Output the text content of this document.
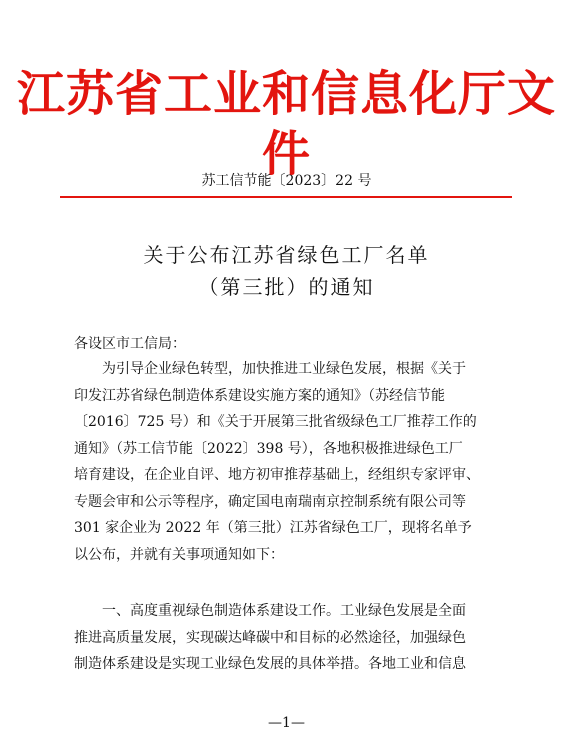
江苏省工业和信息化厅文件
苏工信节能〔2023〕22 号
关于公布江苏省绿色工厂名单
（第三批）的通知
各设区市工信局：
为引导企业绿色转型，加快推进工业绿色发展，根据《关于
印发江苏省绿色制造体系建设实施方案的通知》（苏经信节能
〔2016〕725 号）和《关于开展第三批省级绿色工厂推荐工作的
通知》（苏工信节能〔2022〕398 号），各地积极推进绿色工厂
培育建设，在企业自评、地方初审推荐基础上，经组织专家评审、
专题会审和公示等程序，确定国电南瑞南京控制系统有限公司等
301 家企业为 2022 年（第三批）江苏省绿色工厂，现将名单予
以公布，并就有关事项通知如下：
一、高度重视绿色制造体系建设工作。工业绿色发展是全面
推进高质量发展，实现碳达峰碳中和目标的必然途径，加强绿色
制造体系建设是实现工业绿色发展的具体举措。各地工业和信息
—1—
